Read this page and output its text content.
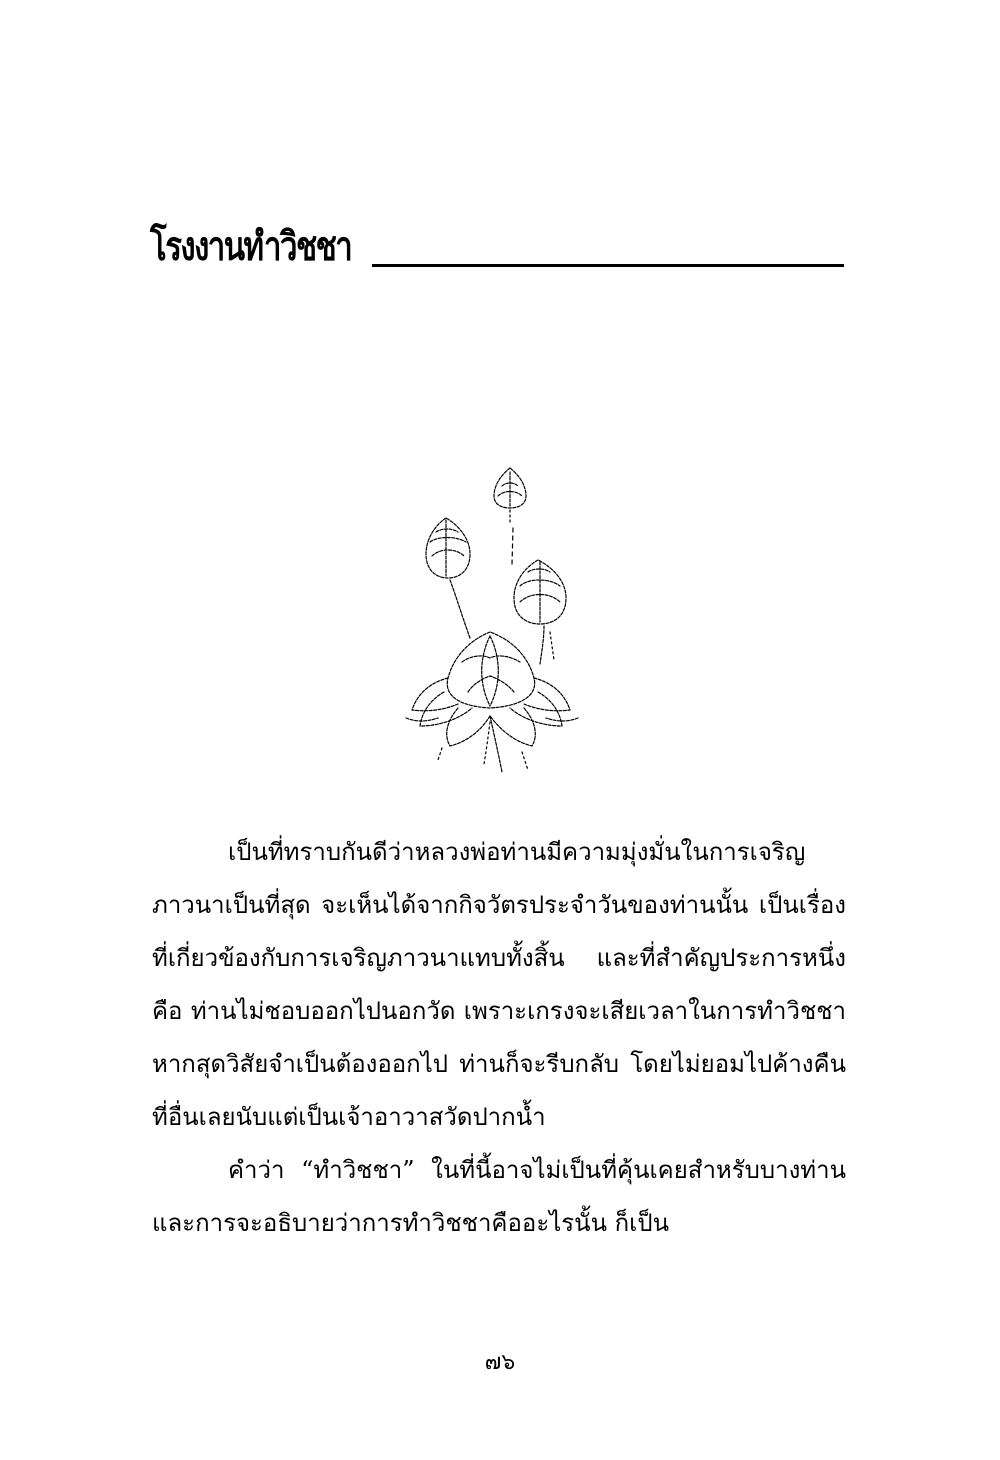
โรงงานทำวิชชา

เป็นที่ทราบกันดีว่าหลวงพ่อท่านมีความมุ่งมั่นในการเจริญภาวนาเป็นที่สุด จะเห็นได้จากกิจวัตรประจำวันของท่านนั้น เป็นเรื่องที่เกี่ยวข้องกับการเจริญภาวนาแทบทั้งสิ้น และที่สำคัญประการหนึ่งคือ ท่านไม่ชอบออกไปนอกวัด เพราะเกรงจะเสียเวลาในการทำวิชชา หากสุดวิสัยจำเป็นต้องออกไป ท่านก็จะรีบกลับ โดยไม่ยอมไปค้างคืนที่อื่นเลยนับแต่เป็นเจ้าอาวาสวัดปากน้ำ

คำว่า “ทำวิชชา” ในที่นี้อาจไม่เป็นที่คุ้นเคยสำหรับบางท่าน และการจะอธิบายว่าการทำวิชชาคืออะไรนั้น ก็เป็น

๗๖
